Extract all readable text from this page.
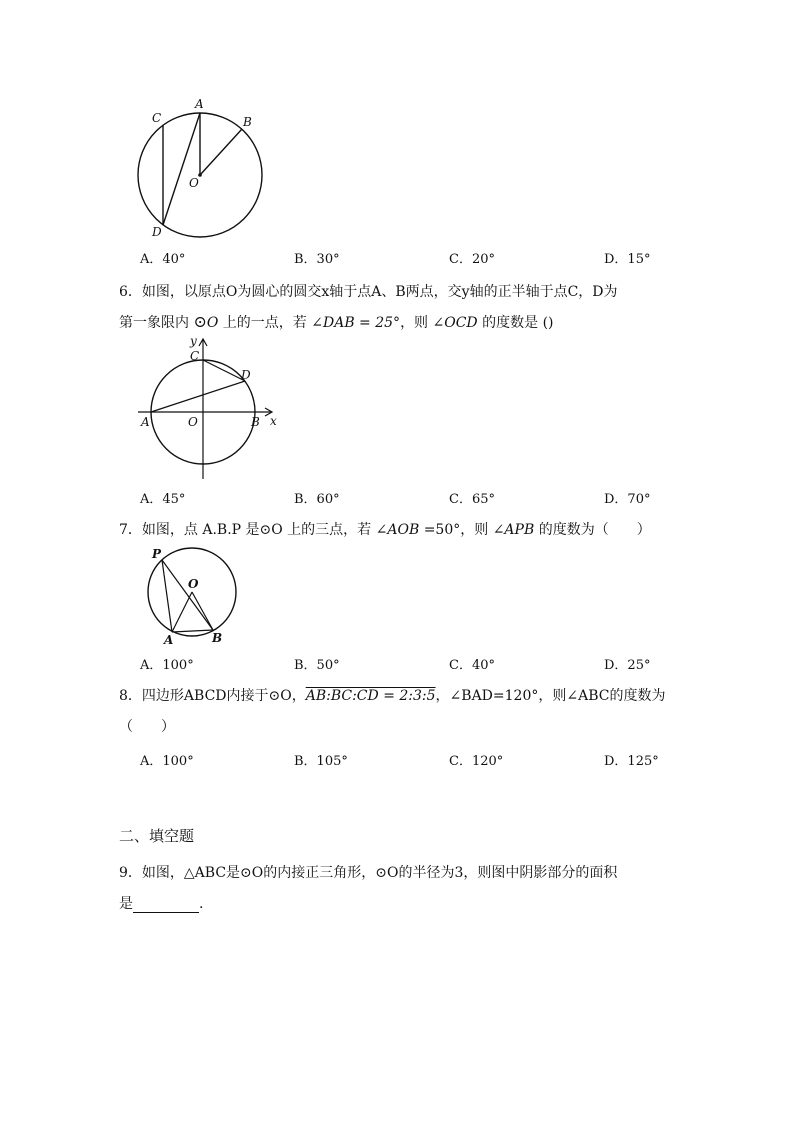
A
B
C
D
O
A．40°	B．30°	C．20°	D．15°
6．如图，以原点O为圆心的圆交x轴于点A、B两点，交y轴的正半轴于点C，D为
第一象限内 ⊙O 上的一点，若 ∠DAB = 25°，则 ∠OCD 的度数是 ()
y
C
D
A	O	B x
A．45°	B．60°	C．65°	D．70°
7．如图，点 A.B.P 是⊙O 上的三点，若 ∠AOB =50°，则 ∠APB 的度数为（　　）
P
O
A	B
A．100°	B．50°	C．40°	D．25°
8．四边形ABCD内接于⊙O，AB:BC:CD = 2:3:5，∠BAD=120°，则∠ABC的度数为
（　　）
A．100°	B．105°	C．120°	D．125°
二、填空题
9．如图，△ABC是⊙O的内接正三角形，⊙O的半径为3，则图中阴影部分的面积
是	.
